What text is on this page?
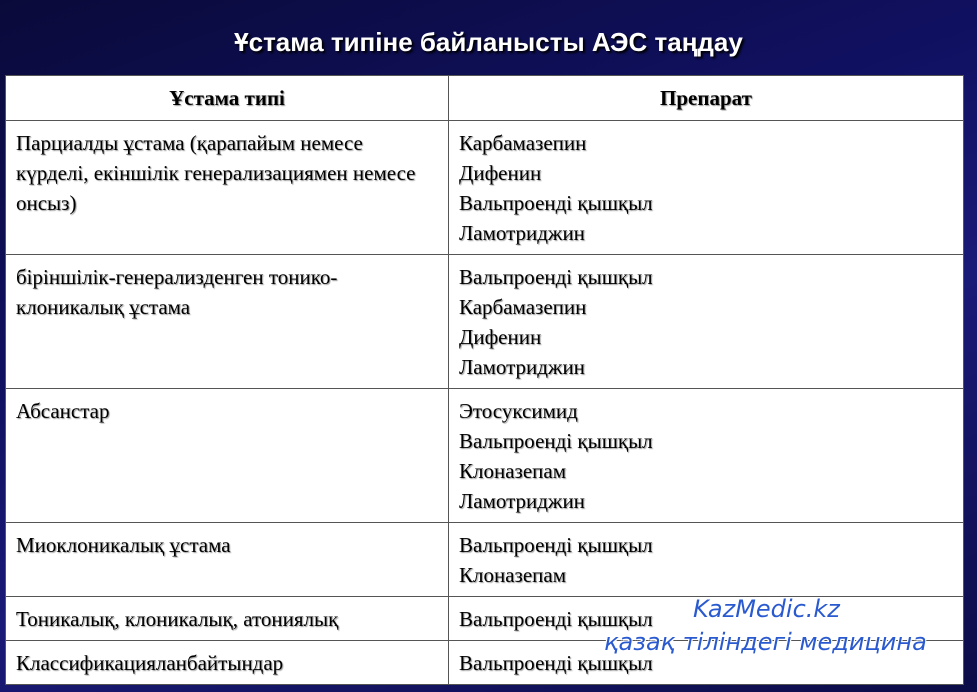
Ұстама типіне байланысты АЭС таңдау
Ұстама типі	Препарат
Парциалды ұстама (қарапайым немесе күрделі, екіншілік генерализациямен немесе онсыз)	Карбамазепин
Дифенин
Вальпроенді қышқыл
Ламотриджин

біріншілік-генерализденген тонико-клоникалық ұстама	Вальпроенді қышқыл
Карбамазепин
Дифенин
Ламотриджин

Абсанстар	Этосуксимид
Вальпроенді қышқыл
Клоназепам
Ламотриджин

Миоклоникалық ұстама	Вальпроенді қышқыл
Клоназепам

Тоникалық, клоникалық, атониялық	Вальпроенді қышқыл

Классификацияланбайтындар	Вальпроенді қышқыл
KazMedic.kz
қазақ тіліндегі медицина
